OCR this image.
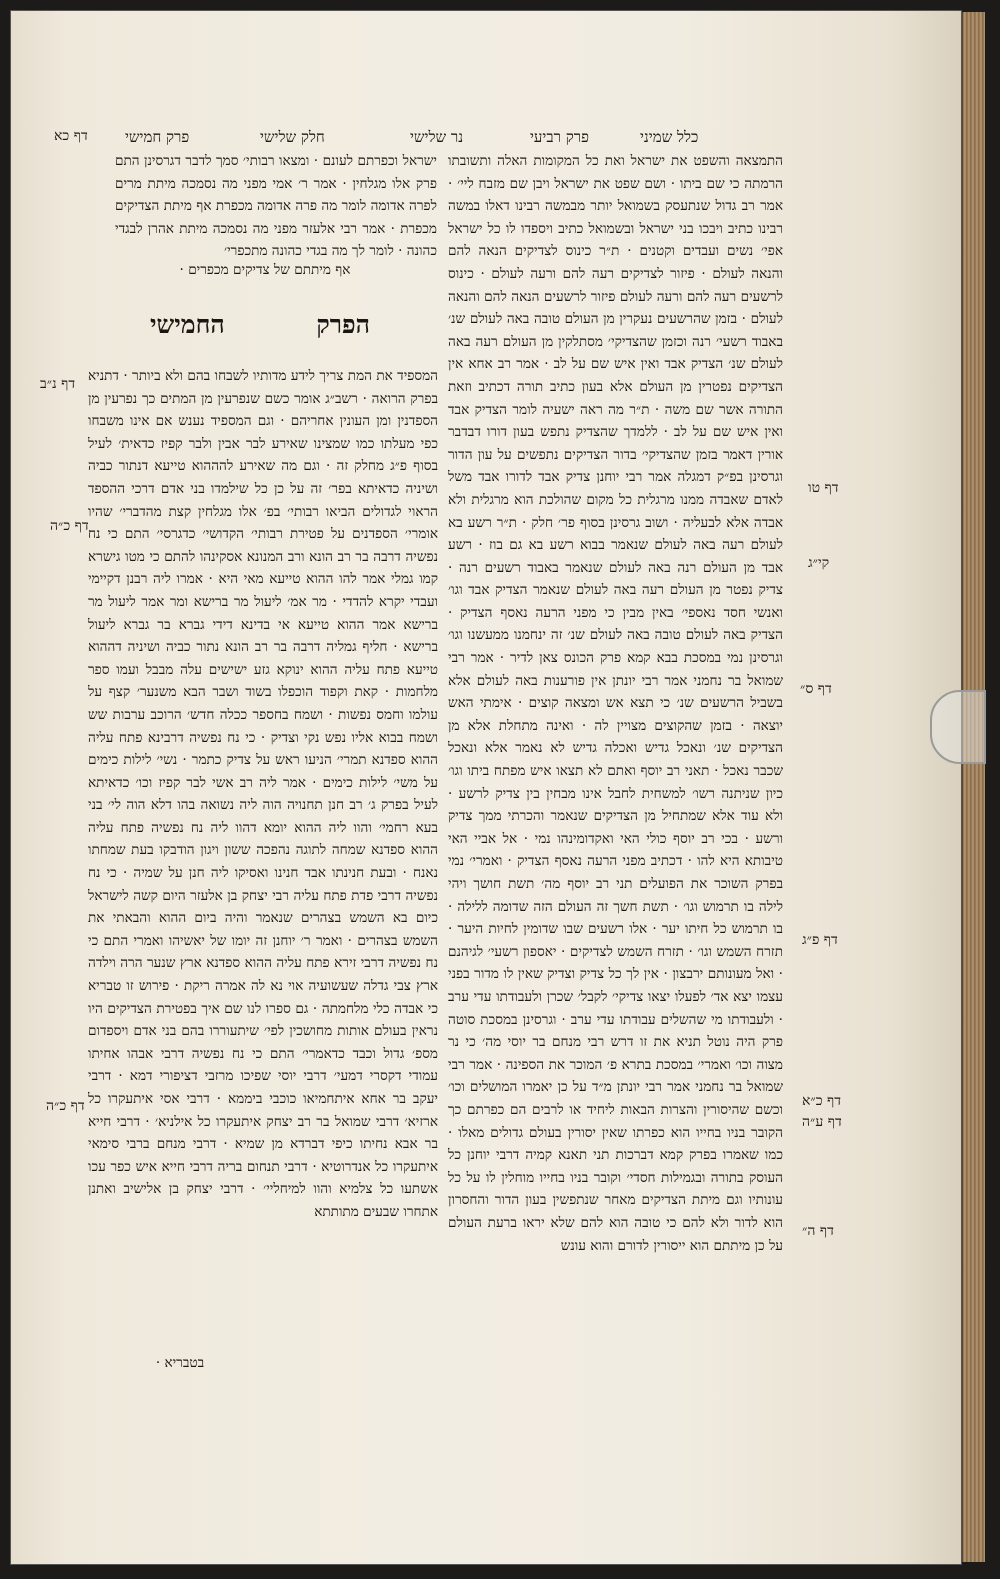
כלל שמיני
פרק רביעי
נר שלישי
חלק שלישי
פרק חמישי
דף כא
דף נ״ב
דף כ״ה
דף כ״ה
דף טו
קי״ג
דף ס״
דף פ״ג
דף כ״א
דף ע״ה
דף ה״

ישראל וכפרתם לעונם · ומצאו רבותי׳ סמך לדבר דגרסינן התם פרק אלו מגלחין · אמר ר׳ אמי מפני מה נסמכה מיתת מרים לפרה אדומה לומר מה פרה אדומה מכפרת אף מיתת הצדיקים מכפרת · אמר רבי אלעזר מפני מה נסמכה מיתת אהרן לבגדי כהונה · לומר לך מה בגדי כהונה מתכפרי׳

אף מיתתם של צדיקים מכפרים ·
הפרק
החמישי

המספיד את המת צריך לידע מדותיו לשבחו בהם ולא ביותר · דתניא בפרק הרואה · רשב״ג אומר כשם שנפרעין מן המתים כך נפרעין מן הספדנין ומן העונין אחריהם · וגם המספיד נענש אם אינו משבחו כפי מעלתו כמו שמצינו שאירע לבר אבין ולבר קפיז כדאית׳ לעיל בסוף פ״ג מחלק זה · וגם מה שאירע להההוא טייעא דנתור כביה ושיניה כדאיתא בפר׳ זה על כן כל שילמדו בני אדם דרכי ההספד הראוי לגדולים הביאו רבותי׳ בפ׳ אלו מגלחין קצת מהדברי׳ שהיו אומרי׳ הספדנים על פטירת רבותי׳ הקדושי׳ כדגרסי׳ התם כי נח נפשיה דרבה בר רב הונא ורב המנונא אסקינהו להתם כי מטו גישרא קמו גמלי אמר להו ההוא טייעא מאי היא · אמרו ליה רבנן דקיימי ועבדי יקרא להדדי · מר אמ׳ ליעול מר ברישא ומר אמר ליעול מר ברישא אמר ההוא טייעא אי בדינא דידי גברא בר גברא ליעול ברישא · חליף גמליה דרבה בר רב הונא נתור כביה ושיניה דההוא טייעא פתח עליה ההוא ינוקא גזע ישישים עלה מבבל ועמו ספר מלחמות · קאת וקפוד הוכפלו בשוד ושבר הבא משנער׳ קצף על עולמו וחמס נפשות · ושמח בחספר ככלה חדש׳ הרוכב ערבות שש ושמח בבוא אליו נפש נקי וצדיק · כי נח נפשיה דרבינא פתח עליה ההוא ספדנא תמרי׳ הניעו ראש על צדיק כתמר · נשי׳ לילות כימים על משי׳ לילות כימים · אמר ליה רב אשי לבר קפיז וכו׳ כדאיתא לעיל בפרק ג׳ רב חנן תחנויה הוה ליה נשואה בהו דלא הוה לי׳ בני בעא רחמי׳ והוו ליה ההוא יומא דהוו ליה נח נפשיה פתח עליה ההוא ספדנא שמחה לתוגה נהפכה ששון ויגון הודבקו בעת שמחתו נאנח · ובעת חנינתו אבד חנינו ואסיקו ליה חנן על שמיה · כי נח נפשיה דרבי פדת פתח עליה רבי יצחק בן אלעזר היום קשה לישראל כיום בא השמש בצהרים שנאמר והיה ביום ההוא והבאתי את השמש בצהרים · ואמר ר׳ יוחנן זה יומו של יאשיהו ואמרי התם כי נח נפשיה דרבי זירא פתח עליה ההוא ספדנא ארץ שנער הרה וילדה ארץ צבי גדלה שעשועיה אוי נא לה אמרה ריקת · פירוש זו טבריא כי אבדה כלי מלחמתה · גם ספרו לנו שם איך בפטירת הצדיקים היו נראין בעולם אותות מחושכין לפי׳ שיתעוררו בהם בני אדם ויספדום מספ׳ גדול וכבד כדאמרי׳ התם כי נח נפשיה דרבי אבהו אחיתו עמודי דקסרי דמעי׳ דרבי יוסי שפיכו מרזבי דציפורי דמא · דרבי יעקב בר אחא איתחמיאו כוכבי ביממא · דרבי אסי איתעקרו כל ארזיא׳ דרבי שמואל בר רב יצחק איתעקרו כל אילניא׳ · דרבי חייא בר אבא נחיתו כיפי דברדא מן שמיא · דרבי מנחם ברבי סימאי איתעקרו כל אנדרוטיא · דרבי תנחום בריה דרבי חייא איש כפר עכו אשתעו כל צלמיא והוו למיחליי׳ · דרבי יצחק בן אלישיב ואתנן אתחרו שבעים מתותתא

בטבריא ·

התמצאה והשפט את ישראל ואת כל המקומות האלה ותשובתו הרמתה כי שם ביתו · ושם שפט את ישראל ויבן שם מזבח ליי׳ · אמר רב גדול שנתעסק בשמואל יותר מבמשה רבינו דאלו במשה רבינו כתיב ויבכו בני ישראל ובשמואל כתיב ויספדו לו כל ישראל אפי׳ נשים ועבדים וקטנים · ת״ר כינוס לצדיקים הנאה להם והנאה לעולם · פיזור לצדיקים רעה להם ורעה לעולם · כינוס לרשעים רעה להם ורעה לעולם פיזור לרשעים הנאה להם והנאה לעולם · בזמן שהרשעים נעקרין מן העולם טובה באה לעולם שנ׳ באבוד רשעי׳ רנה וכזמן שהצדיקי׳ מסתלקין מן העולם רעה באה לעולם שנ׳ הצדיק אבד ואין איש שם על לב · אמר רב אחא אין הצדיקים נפטרין מן העולם אלא בעון כתיב תורה דכתיב וזאת התורה אשר שם משה · ת״ר מה ראה ישעיה לומר הצדיק אבד ואין איש שם על לב · ללמדך שהצדיק נתפש בעון דורו דבדבר אורין דאמר בזמן שהצדיקי׳ בדור הצדיקים נתפשים על עון הדור וגרסינן בפ״ק דמגלה אמר רבי יוחנן צדיק אבד לדורו אבד משל לאדם שאבדה ממנו מרגלית כל מקום שהולכת הוא מרגלית ולא אבדה אלא לבעליה · ושוב גרסינן בסוף פר׳ חלק · ת״ר רשע בא לעולם רעה באה לעולם שנאמר בבוא רשע בא גם בוז · רשע אבד מן העולם רנה באה לעולם שנאמר באבוד רשעים רנה · צדיק נפטר מן העולם רעה באה לעולם שנאמר הצדיק אבד וגו׳ ואנשי חסד נאספי׳ באין מבין כי מפני הרעה נאסף הצדיק · הצדיק באה לעולם טובה באה לעולם שנ׳ זה ינחמנו ממעשנו וגו׳ וגרסינן נמי במסכת בבא קמא פרק הכונס צאן לדיר · אמר רבי שמואל בר נחמני אמר רבי יונתן אין פורענות באה לעולם אלא בשביל הרשעים שנ׳ כי תצא אש ומצאה קוצים · אימתי האש יוצאה · בזמן שהקוצים מצויין לה · ואינה מתחלת אלא מן הצדיקים שנ׳ ונאכל גדיש ואכלה גדיש לא נאמר אלא ונאכל שכבר נאכל · תאני רב יוסף ואתם לא תצאו איש מפתח ביתו וגו׳ כיון שניתנה רשו׳ למשחית לחבל אינו מבחין בין צדיק לרשע · ולא עוד אלא שמתחיל מן הצדיקים שנאמר והכרתי ממך צדיק ורשע · בכי רב יוסף כולי האי ואקדומינהו נמי · אל אביי האי טיבותא היא להו · דכתיב מפני הרעה נאסף הצדיק · ואמרי׳ נמי בפרק השוכר את הפועלים תני רב יוסף מה׳ תשת חושך ויהי לילה בו תרמוש וגו׳ · תשת חשך זה העולם הזה שדומה ללילה · בו תרמוש כל חיתו יער · אלו רשעים שבו שדומין לחיות היער · תזרח השמש וגו׳ · תזרח השמש לצדיקים · יאספון רשעי׳ לגיהנם · ואל מעונותם ירבצון · אין לך כל צדיק וצדיק שאין לו מדור בפני עצמו יצא אד׳ לפעלו יצאו צדיקי׳ לקבל׳ שכרן ולעבודתו עדי ערב · ולעבודתו מי שהשלים עבודתו עדי ערב · וגרסינן במסכת סוטה פרק היה נוטל תניא את זו דרש רבי מנחם בר יוסי מה׳ כי נר מצוה וכו׳ ואמרי׳ במסכת בתרא פ׳ המוכר את הספינה · אמר רבי שמואל בר נחמני אמר רבי יונתן מ״ד על כן יאמרו המושלים וכו׳ וכשם שהיסורין והצרות הבאות ליחיד או לרבים הם כפרתם כך הקובר בניו בחייו הוא כפרתו שאין יסורין בעולם גדולים מאלו · כמו שאמרו בפרק קמא דברכות תני תאנא קמיה דרבי יוחנן כל העוסק בתורה ובגמילות חסדי׳ וקובר בניו בחייו מוחלין לו על כל עונותיו וגם מיתת הצדיקים מאחר שנתפשין בעון הדור והחסרון הוא לדור ולא להם כי טובה הוא להם שלא יראו ברעת העולם על כן מיתתם הוא ייסורין לדורם והוא עונש
